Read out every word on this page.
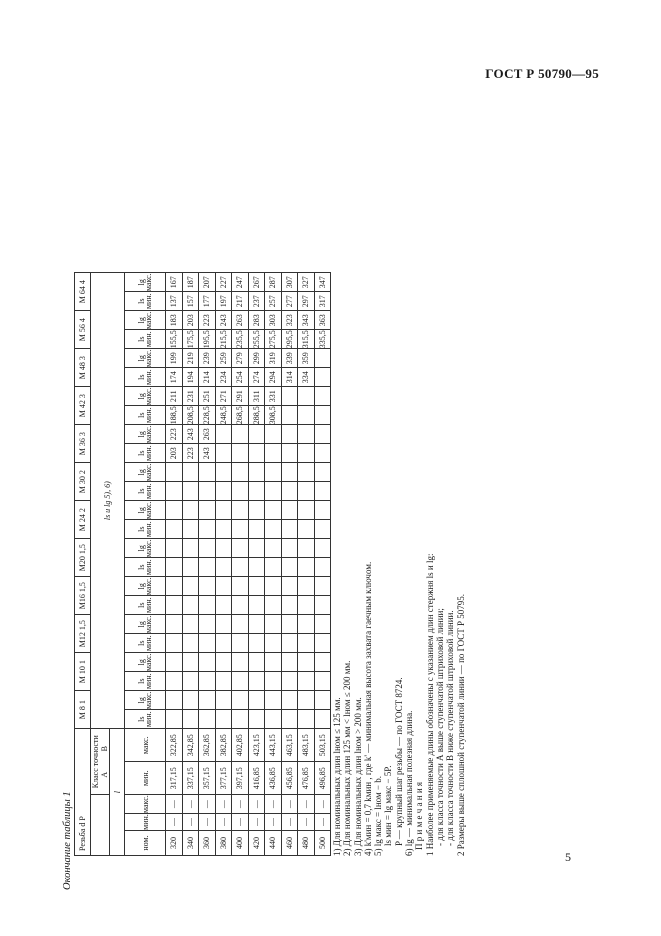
ГОСТ Р 50790—95
Окончание таблицы 1 Резьба d P					M 8 1		M 10 1		M12 1,5		M16 1,5		M20 1,5		M 24 2		M 30 2		M 36 3		M 42 3		M 48 3		M 56 4		M 64 4	
			Класс точности
АВ		ls и lg 5), 6)																							
l																												
ном.	мин.	макс.	мин.	макс.	ls мин.	lg макс.	ls мин.	lg макс.	ls мин.	lg макс.	ls мин.	lg макс.	ls мин.	lg макс.	ls мин.	lg макс.	ls мин.	lg макс.	ls мин.	lg макс.	ls мин.	lg макс.	ls мин.	lg макс.	ls мин.	lg макс.	ls мин.	lg макс.
320	—	—	317,15	322,85															203	223	188,5	211	174	199	155,5	183	137	167
340	—	—	337,15	342,85															223	243	208,5	231	194	219	175,5	203	157	187
360	—	—	357,15	362,85															243	263	228,5	251	214	239	195,5	223	177	207
380	—	—	377,15	382,85																	248,5	271	234	259	215,5	243	197	227
400	—	—	397,15	402,85																	268,5	291	254	279	235,5	263	217	247
420	—	—	416,85	423,15																	288,5	311	274	299	255,5	283	237	267
440	—	—	436,85	443,15																	308,5	331	294	319	275,5	303	257	287
460	—	—	456,85	463,15																			314	339	295,5	323	277	307
480	—	—	476,85	483,15																			334	359	315,5	343	297	327
500	—	—	496,85	503,15																					335,5	363	317	347
1) Для номинальных длин lном ≤ 125 мм. 2) Для номинальных длин 125 мм < lном ≤ 200 мм. 3) Для номинальных длин lном > 200 мм. 4) k'мин = 0,7 kмин , где k' — минимальная высота захвата гаечным ключом. 5) lg макс = lном − b. ls мин = lg макс − 5P. P — крупный шаг резьбы — по ГОСТ 8724. 6) lg — минимальная полезная длина. П р и м е ч а н и я 1 Наиболее применяемые длины обозначены с указанием длин стержня ls и lg: - для класса точности А выше ступенчатой штриховой линии; - для класса точности В ниже ступенчатой штриховой линии. 2 Размеры выше сплошной ступенчатой линии — по ГОСТ Р 50795.
5
